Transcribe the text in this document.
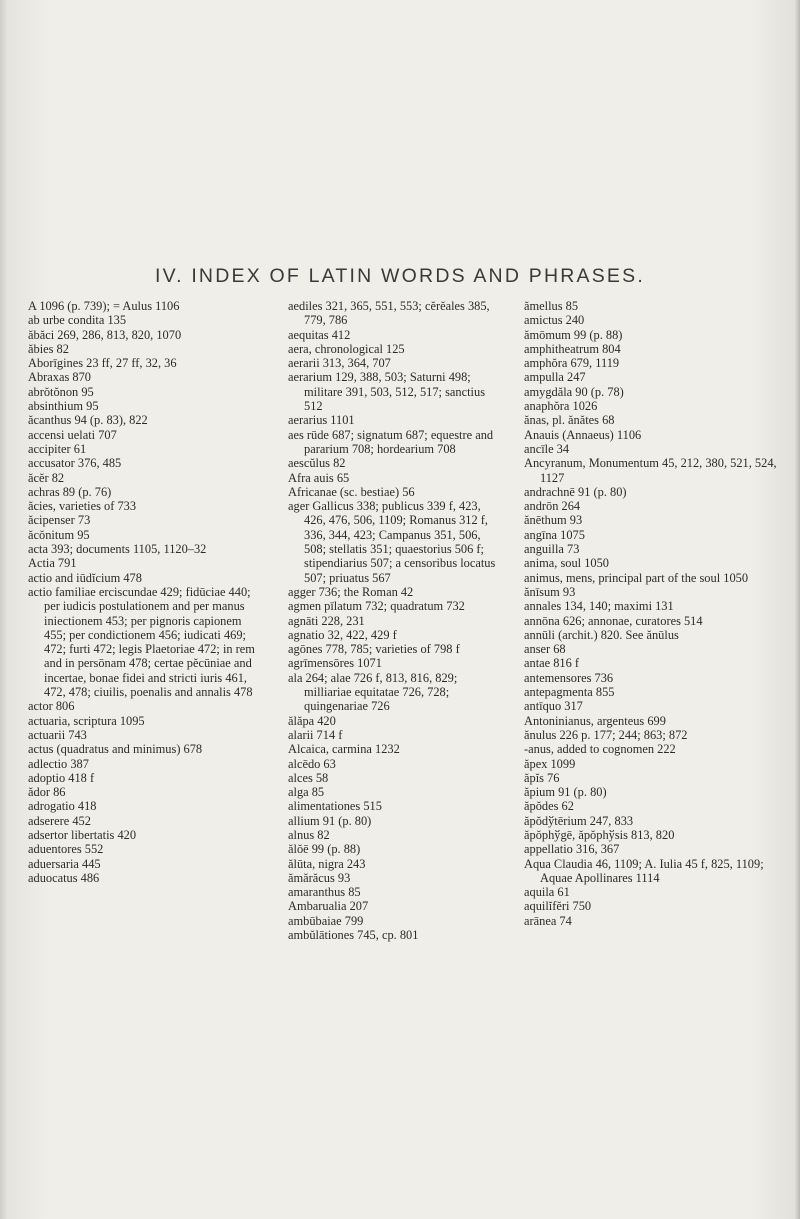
IV. INDEX OF LATIN WORDS AND PHRASES.

A 1096 (p. 739); = Aulus 1106

ab urbe condita 135

ăbăci 269, 286, 813, 820, 1070

ăbies 82

Aborīgines 23 ff, 27 ff, 32, 36

Abraxas 870

abrŏtŏnon 95

absinthium 95

ăcanthus 94 (p. 83), 822

accensi uelati 707

accipiter 61

accusator 376, 485

ăcĕr 82

achras 89 (p. 76)

ăcies, varieties of 733

ăcipenser 73

ăcŏnitum 95

acta 393; documents 1105, 1120–32

Actia 791

actio and iūdĭcium 478

actio familiae erciscundae 429; fidūciae 440; per iudicis postulationem and per manus iniectionem 453; per pignoris capionem 455; per condictionem 456; iudicati 469; 472; furti 472; legis Plaetoriae 472; in rem and in persōnam 478; certae pĕcūniae and incertae, bonae fidei and stricti iuris 461, 472, 478; ciuilis, poenalis and annalis 478

actor 806

actuaria, scriptura 1095

actuarii 743

actus (quadratus and minimus) 678

adlectio 387

adoptio 418 f

ădor 86

adrogatio 418

adserere 452

adsertor libertatis 420

aduentores 552

aduersaria 445

aduocatus 486

aediles 321, 365, 551, 553; cĕrĕales 385, 779, 786

aequitas 412

aera, chronological 125

aerarii 313, 364, 707

aerarium 129, 388, 503; Saturni 498; militare 391, 503, 512, 517; sanctius 512

aerarius 1101

aes rūde 687; signatum 687; equestre and pararium 708; hordearium 708

aescŭlus 82

Afra auis 65

Africanae (sc. bestiae) 56

ager Gallicus 338; publicus 339 f, 423, 426, 476, 506, 1109; Romanus 312 f, 336, 344, 423; Campanus 351, 506, 508; stellatis 351; quaestorius 506 f; stipendiarius 507; a censoribus locatus 507; priuatus 567

agger 736; the Roman 42

agmen pīlatum 732; quadratum 732

agnāti 228, 231

agnatio 32, 422, 429 f

agōnes 778, 785; varieties of 798 f

agrīmensōres 1071

ala 264; alae 726 f, 813, 816, 829; milliariae equitatae 726, 728; quingenariae 726

ălăpa 420

alarii 714 f

Alcaica, carmina 1232

alcēdo 63

alces 58

alga 85

alimentationes 515

allium 91 (p. 80)

alnus 82

ălŏē 99 (p. 88)

ălūta, nigra 243

ămărăcus 93

amaranthus 85

Ambarualia 207

ambūbaiae 799

ambŭlātiones 745, cp. 801

ămellus 85

amictus 240

ămōmum 99 (p. 88)

amphitheatrum 804

amphŏra 679, 1119

ampulla 247

amygdăla 90 (p. 78)

anaphŏra 1026

ănas, pl. ănătes 68

Anauis (Annaeus) 1106

ancīle 34

Ancyranum, Monumentum 45, 212, 380, 521, 524, 1127

andrachnē 91 (p. 80)

andrōn 264

ănēthum 93

angīna 1075

anguilla 73

anima, soul 1050

animus, mens, principal part of the soul 1050

ănīsum 93

annales 134, 140; maximi 131

annōna 626; annonae, curatores 514

annūli (archit.) 820. See ănūlus

anser 68

antae 816 f

antemensores 736

antepagmenta 855

antīquo 317

Antoninianus, argenteus 699

ănulus 226 p. 177; 244; 863; 872

-anus, added to cognomen 222

ăpex 1099

ăpĭs 76

ăpium 91 (p. 80)

ăpŏdes 62

ăpŏdўtērium 247, 833

ăpŏphўgē, ăpŏphўsis 813, 820

appellatio 316, 367

Aqua Claudia 46, 1109; A. Iulia 45 f, 825, 1109; Aquae Apollinares 1114

aquila 61

aquilĭfĕri 750

arānea 74
